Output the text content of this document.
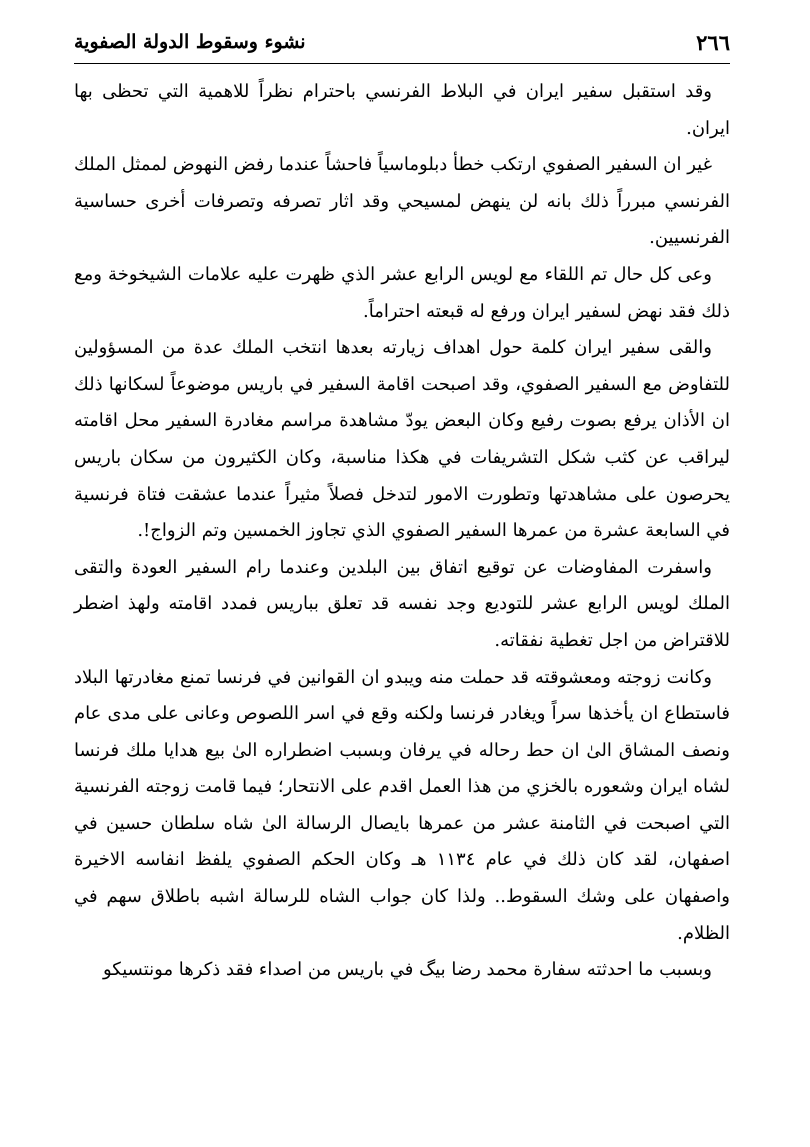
٢٦٦
نشوء وسقوط الدولة الصفوية

وقد استقبل سفير ايران في البلاط الفرنسي باحترام نظراً للاهمية التي تحظى بها ايران.

غير ان السفير الصفوي ارتكب خطأ دبلوماسياً فاحشاً عندما رفض النهوض لممثل الملك الفرنسي مبرراً ذلك بانه لن ينهض لمسيحي وقد اثار تصرفه وتصرفات أخرى حساسية الفرنسيين.

وعى كل حال تم اللقاء مع لويس الرابع عشر الذي ظهرت عليه علامات الشيخوخة ومع ذلك فقد نهض لسفير ايران ورفع له قبعته احتراماً.

والقى سفير ايران كلمة حول اهداف زيارته بعدها انتخب الملك عدة من المسؤولين للتفاوض مع السفير الصفوي، وقد اصبحت اقامة السفير في باريس موضوعاً لسكانها ذلك ان الأذان يرفع بصوت رفيع وكان البعض يودّ مشاهدة مراسم مغادرة السفير محل اقامته ليراقب عن كثب شكل التشريفات في هكذا مناسبة، وكان الكثيرون من سكان باريس يحرصون على مشاهدتها وتطورت الامور لتدخل فصلاً مثيراً عندما عشقت فتاة فرنسية في السابعة عشرة من عمرها السفير الصفوي الذي تجاوز الخمسين وتم الزواج!.

واسفرت المفاوضات عن توقيع اتفاق بين البلدين وعندما رام السفير العودة والتقى الملك لويس الرابع عشر للتوديع وجد نفسه قد تعلق بباريس فمدد اقامته ولهذ اضطر للاقتراض من اجل تغطية نفقاته.

وكانت زوجته ومعشوقته قد حملت منه ويبدو ان القوانين في فرنسا تمنع مغادرتها البلاد فاستطاع ان يأخذها سراً ويغادر فرنسا ولكنه وقع في اسر اللصوص وعانى على مدى عام ونصف المشاق الىٰ ان حط رحاله في يرفان وبسبب اضطراره الىٰ بيع هدايا ملك فرنسا لشاه ايران وشعوره بالخزي من هذا العمل اقدم على الانتحار؛ فيما قامت زوجته الفرنسية التي اصبحت في الثامنة عشر من عمرها بايصال الرسالة الىٰ شاه سلطان حسين في اصفهان، لقد كان ذلك في عام ١١٣٤ هـ وكان الحكم الصفوي يلفظ انفاسه الاخيرة واصفهان على وشك السقوط.. ولذا كان جواب الشاه للرسالة اشبه باطلاق سهم في الظلام.

وبسبب ما احدثته سفارة محمد رضا بيگ في باريس من اصداء فقد ذكرها مونتسيكو
